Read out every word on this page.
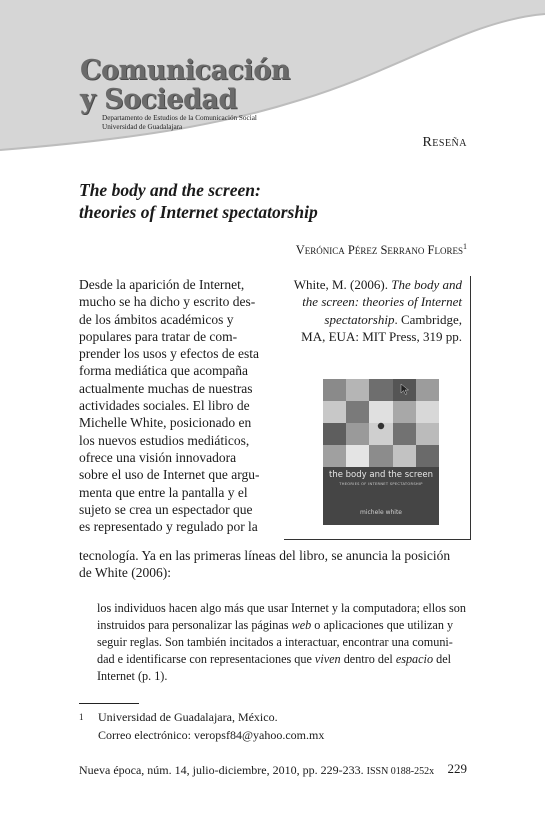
Comunicación
y Sociedad
Departamento de Estudios de la Comunicación Social
Universidad de Guadalajara
Reseña
The body and the screen:
theories of Internet spectatorship
Verónica Pérez Serrano Flores$^1$

Desde la aparición de Internet,

mucho se ha dicho y escrito des-

de los ámbitos académicos y

populares para tratar de com-

prender los usos y efectos de esta

forma mediática que acompaña

actualmente muchas de nuestras

actividades sociales. El libro de

Michelle White, posicionado en

los nuevos estudios mediáticos,

ofrece una visión innovadora

sobre el uso de Internet que argu-

menta que entre la pantalla y el

sujeto se crea un espectador que

es representado y regulado por la

White, M. (2006). The body and
the screen: theories of Internet
spectatorship. Cambridge,
MA, EUA: MIT Press, 319 pp.
the body and the screen
THEORIES OF INTERNET SPECTATORSHIP
michele white
tecnología. Ya en las primeras líneas del libro, se anuncia la posición
de White (2006):
los individuos hacen algo más que usar Internet y la computadora; ellos son
instruidos para personalizar las páginas web o aplicaciones que utilizan y
seguir reglas. Son también incitados a interactuar, encontrar una comuni-
dad e identificarse con representaciones que viven dentro del espacio del
Internet (p. 1).
1 Universidad de Guadalajara, México.
Correo electrónico: veropsf84@yahoo.com.mx
Nueva época, núm. 14, julio-diciembre, 2010, pp. 229-233. ISSN 0188-252x 229
